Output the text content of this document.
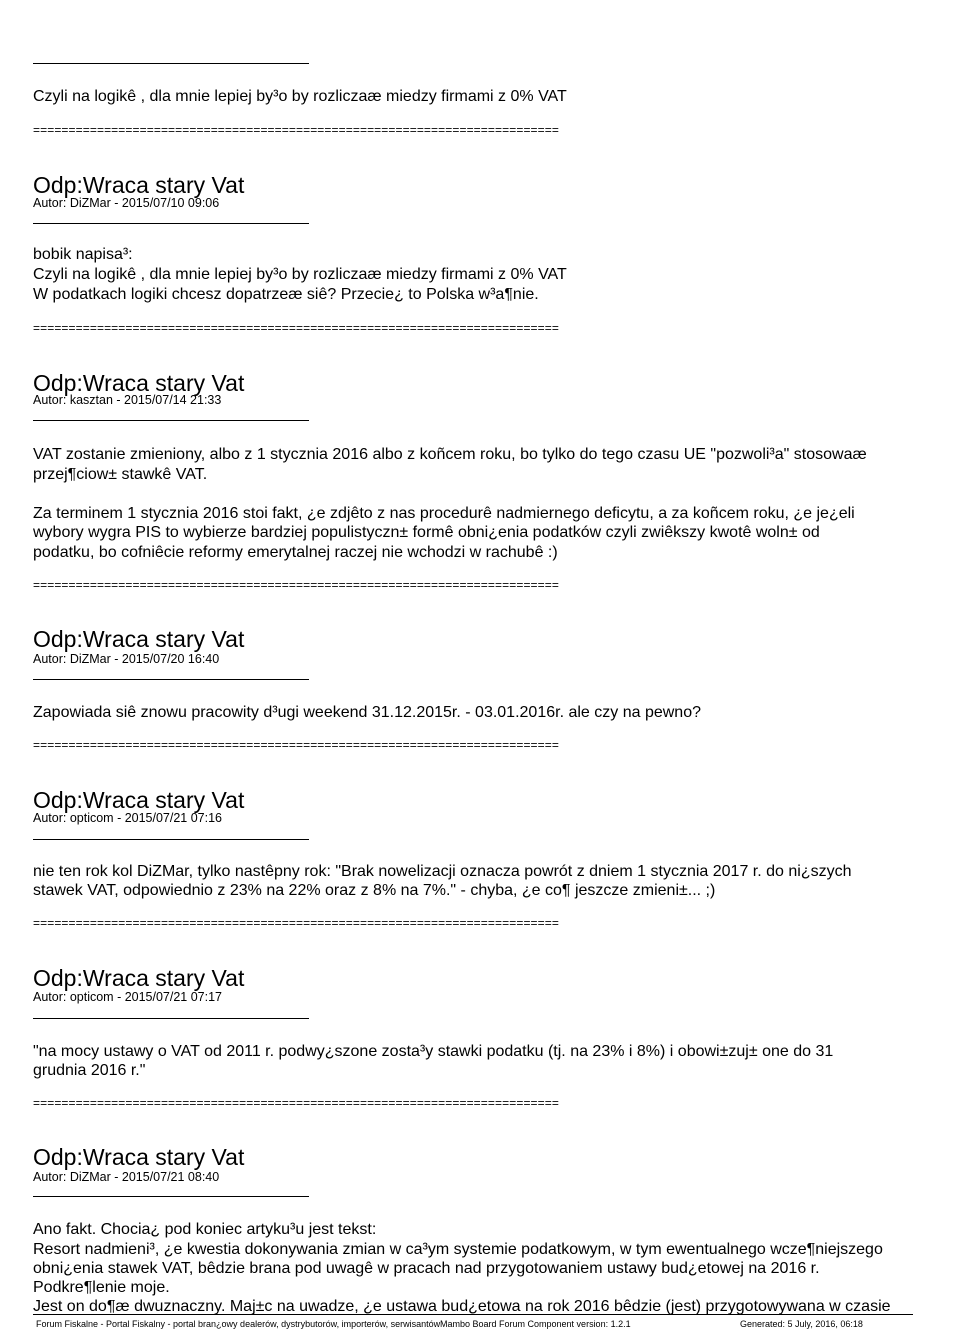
Czyli na logikê , dla mnie lepiej by³o by rozliczaæ miedzy firmami z 0% VAT
==========================================================================
Odp:Wraca stary Vat
Autor: DiZMar - 2015/07/10 09:06
bobik napisa³:
Czyli na logikê , dla mnie lepiej by³o by rozliczaæ miedzy firmami z 0% VAT
W podatkach logiki chcesz dopatrzeæ siê? Przecie¿ to Polska w³a¶nie.
==========================================================================
Odp:Wraca stary Vat
Autor: kasztan - 2015/07/14 21:33
VAT zostanie zmieniony, albo z 1 stycznia 2016 albo z koñcem roku, bo tylko do tego czasu UE "pozwoli³a" stosowaæ
przej¶ciow± stawkê VAT.
Za terminem 1 stycznia 2016 stoi fakt, ¿e zdjêto z nas procedurê nadmiernego deficytu, a za koñcem roku, ¿e je¿eli
wybory wygra PIS to wybierze bardziej populistyczn± formê obni¿enia podatków czyli zwiêkszy kwotê woln± od
podatku, bo cofniêcie reformy emerytalnej raczej nie wchodzi w rachubê :)
==========================================================================
Odp:Wraca stary Vat
Autor: DiZMar - 2015/07/20 16:40
Zapowiada siê znowu pracowity d³ugi weekend 31.12.2015r. - 03.01.2016r. ale czy na pewno?
==========================================================================
Odp:Wraca stary Vat
Autor: opticom - 2015/07/21 07:16
nie ten rok kol DiZMar, tylko nastêpny rok: "Brak nowelizacji oznacza powrót z dniem 1 stycznia 2017 r. do ni¿szych
stawek VAT, odpowiednio z 23% na 22% oraz z 8% na 7%." - chyba, ¿e co¶ jeszcze zmieni±... ;)
==========================================================================
Odp:Wraca stary Vat
Autor: opticom - 2015/07/21 07:17
"na mocy ustawy o VAT od 2011 r. podwy¿szone zosta³y stawki podatku (tj. na 23% i 8%) i obowi±zuj± one do 31
grudnia 2016 r."
==========================================================================
Odp:Wraca stary Vat
Autor: DiZMar - 2015/07/21 08:40
Ano fakt. Chocia¿ pod koniec artyku³u jest tekst:
Resort nadmieni³, ¿e kwestia dokonywania zmian w ca³ym systemie podatkowym, w tym ewentualnego wcze¶niejszego
obni¿enia stawek VAT, bêdzie brana pod uwagê w pracach nad przygotowaniem ustawy bud¿etowej na 2016 r.
Podkre¶lenie moje.
Jest on do¶æ dwuznaczny. Maj±c na uwadze, ¿e ustawa bud¿etowa na rok 2016 bêdzie (jest) przygotowywana w czasie
Forum Fiskalne - Portal Fiskalny - portal bran¿owy dealerów, dystrybutorów, importerów, serwisantów Mambo Board Forum Component version: 1.2.1	Generated: 5 July, 2016, 06:18
